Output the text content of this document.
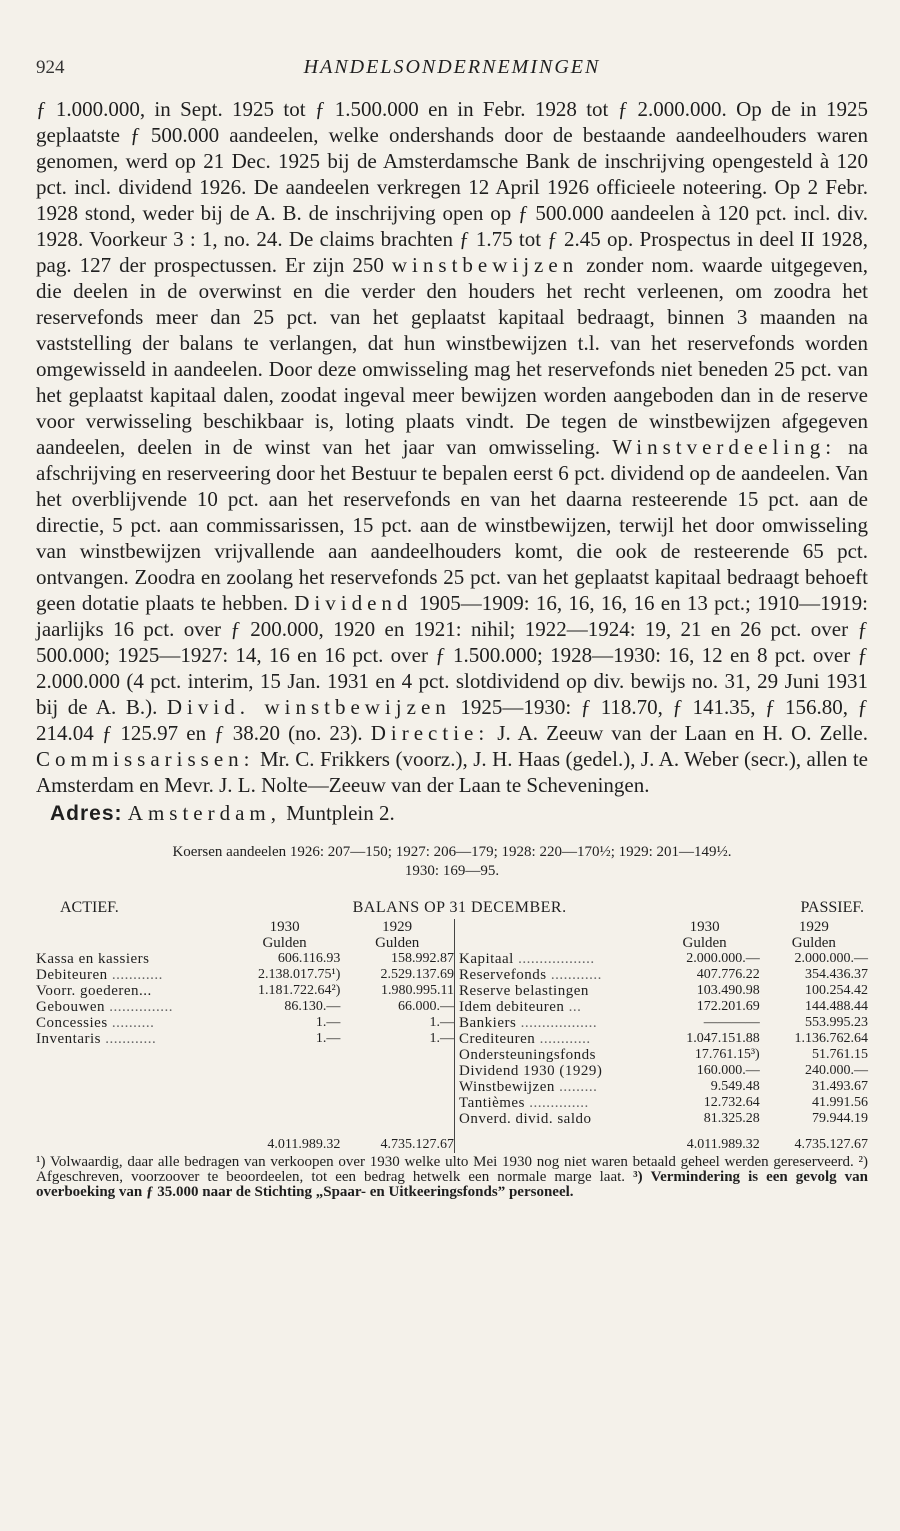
924	HANDELSONDERNEMINGEN

ƒ 1.000.000, in Sept. 1925 tot ƒ 1.500.000 en in Febr. 1928 tot ƒ 2.000.000. Op de in 1925 geplaatste ƒ 500.000 aandeelen, welke ondershands door de bestaande aandeelhouders waren genomen, werd op 21 Dec. 1925 bij de Amsterdamsche Bank de inschrijving opengesteld à 120 pct. incl. dividend 1926. De aandeelen verkregen 12 April 1926 officieele noteering. Op 2 Febr. 1928 stond, weder bij de A. B. de inschrijving open op ƒ 500.000 aandeelen à 120 pct. incl. div. 1928. Voorkeur 3 : 1, no. 24. De claims brachten ƒ 1.75 tot ƒ 2.45 op. Prospectus in deel II 1928, pag. 127 der prospectussen. Er zijn 250 winstbewijzen zonder nom. waarde uitgegeven, die deelen in de overwinst en die verder den houders het recht verleenen, om zoodra het reservefonds meer dan 25 pct. van het geplaatst kapitaal bedraagt, binnen 3 maanden na vaststelling der balans te verlangen, dat hun winstbewijzen t.l. van het reservefonds worden omgewisseld in aandeelen. Door deze omwisseling mag het reservefonds niet beneden 25 pct. van het geplaatst kapitaal dalen, zoodat ingeval meer bewijzen worden aangeboden dan in de reserve voor verwisseling beschikbaar is, loting plaats vindt. De tegen de winstbewijzen afgegeven aandeelen, deelen in de winst van het jaar van omwisseling. Winstverdeeling: na afschrijving en reserveering door het Bestuur te bepalen eerst 6 pct. dividend op de aandeelen. Van het overblijvende 10 pct. aan het reservefonds en van het daarna resteerende 15 pct. aan de directie, 5 pct. aan commissarissen, 15 pct. aan de winstbewijzen, terwijl het door omwisseling van winstbewijzen vrijvallende aan aandeelhouders komt, die ook de resteerende 65 pct. ontvangen. Zoodra en zoolang het reservefonds 25 pct. van het geplaatst kapitaal bedraagt behoeft geen dotatie plaats te hebben. Dividend 1905—1909: 16, 16, 16, 16 en 13 pct.; 1910—1919: jaarlijks 16 pct. over ƒ 200.000, 1920 en 1921: nihil; 1922—1924: 19, 21 en 26 pct. over ƒ 500.000; 1925—1927: 14, 16 en 16 pct. over ƒ 1.500.000; 1928—1930: 16, 12 en 8 pct. over ƒ 2.000.000 (4 pct. interim, 15 Jan. 1931 en 4 pct. slotdividend op div. bewijs no. 31, 29 Juni 1931 bij de A. B.). Divid. winstbewijzen 1925—1930: ƒ 118.70, ƒ 141.35, ƒ 156.80, ƒ 214.04 ƒ 125.97 en ƒ 38.20 (no. 23). Directie: J. A. Zeeuw van der Laan en H. O. Zelle. Commissarissen: Mr. C. Frikkers (voorz.), J. H. Haas (gedel.), J. A. Weber (secr.), allen te Amsterdam en Mevr. J. L. Nolte—Zeeuw van der Laan te Scheveningen.

Adres: Amsterdam, Muntplein 2.
Koersen aandeelen 1926: 207—150; 1927: 206—179; 1928: 220—170½; 1929: 201—149½.
1930: 169—95.
ACTIEF.	BALANS OP 31 DECEMBER.	PASSIEF.
	1930	1929
	Gulden	Gulden
Kassa en kassiers	606.116.93	158.992.87
Debiteuren ............	2.138.017.75¹)	2.529.137.69
Voorr. goederen...	1.181.722.64²)	1.980.995.11
Gebouwen ...............	86.130.—	66.000.—
Concessies ..........	1.—	1.—
Inventaris ............	1.—	1.—

	4.011.989.32	4.735.127.67
	1930	1929
	Gulden	Gulden
Kapitaal ..................	2.000.000.—	2.000.000.—
Reservefonds ............	407.776.22	354.436.37
Reserve belastingen	103.490.98	100.254.42
Idem debiteuren ...	172.201.69	144.488.44
Bankiers ..................	————	553.995.23
Crediteuren ............	1.047.151.88	1.136.762.64
Ondersteuningsfonds	17.761.15³)	51.761.15
Dividend 1930 (1929)	160.000.—	240.000.—
Winstbewijzen .........	9.549.48	31.493.67
Tantièmes ..............	12.732.64	41.991.56
Onverd. divid. saldo	81.325.28	79.944.19
	4.011.989.32	4.735.127.67
¹) Volwaardig, daar alle bedragen van verkoopen over 1930 welke ulto Mei 1930 nog niet waren betaald geheel werden gereserveerd. ²) Afgeschreven, voorzoover te beoordeelen, tot een bedrag hetwelk een normale marge laat. ³) Vermindering is een gevolg van overboeking van ƒ 35.000 naar de Stichting „Spaar- en Uitkeeringsfonds” personeel.
